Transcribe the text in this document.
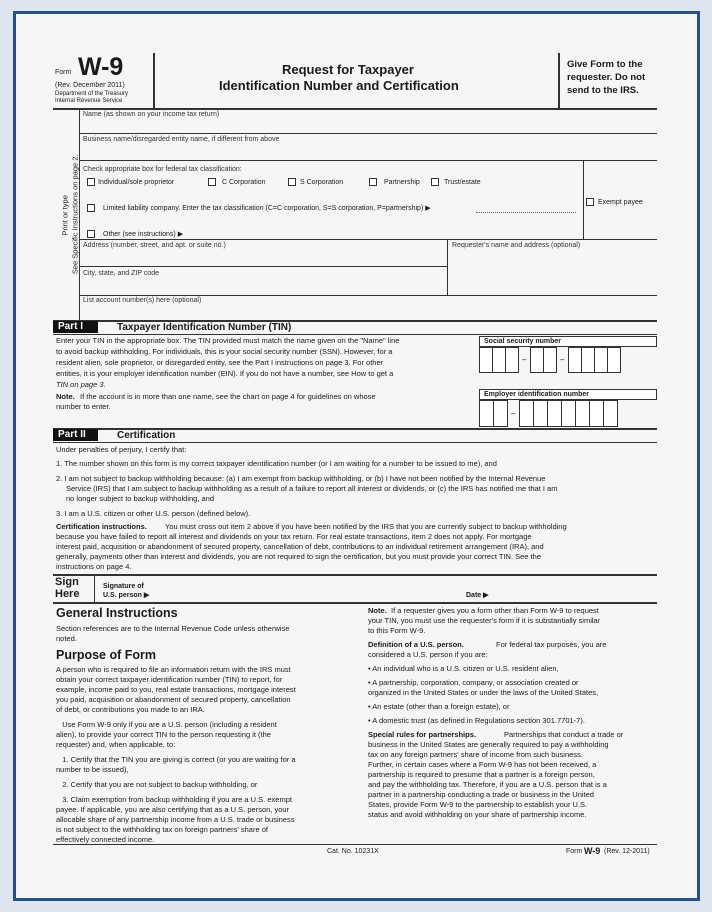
Form W-9
(Rev. December 2011)
Department of the Treasury
Internal Revenue Service
Request for Taxpayer
Identification Number and Certification
Give Form to the
requester. Do not
send to the IRS.
Print or type See Specific Instructions on page 2.
Name (as shown on your income tax return)
Business name/disregarded entity name, if different from above
Check appropriate box for federal tax classification:
Individual/sole proprietor	C Corporation	S Corporation	Partnership	Trust/estate
Exempt payee
Limited liability company. Enter the tax classification (C=C corporation, S=S corporation, P=partnership) ▶
Other (see instructions) ▶
Address (number, street, and apt. or suite no.)	Requester's name and address (optional)
City, state, and ZIP code
List account number(s) here (optional)
Part I	Taxpayer Identification Number (TIN)
Enter your TIN in the appropriate box. The TIN provided must match the name given on the "Name" line
to avoid backup withholding. For individuals, this is your social security number (SSN). However, for a
resident alien, sole proprietor, or disregarded entity, see the Part I instructions on page 3. For other
entities, it is your employer identification number (EIN). If you do not have a number, see How to get a
TIN on page 3.
Note. If the account is in more than one name, see the chart on page 4 for guidelines on whose
number to enter.
Social security number
–	–
Employer identification number
–
Part II	Certification
Under penalties of perjury, I certify that:
1. The number shown on this form is my correct taxpayer identification number (or I am waiting for a number to be issued to me), and
2. I am not subject to backup withholding because: (a) I am exempt from backup withholding, or (b) I have not been notified by the Internal Revenue
Service (IRS) that I am subject to backup withholding as a result of a failure to report all interest or dividends, or (c) the IRS has notified me that I am
no longer subject to backup withholding, and
3. I am a U.S. citizen or other U.S. person (defined below).
Certification instructions. You must cross out item 2 above if you have been notified by the IRS that you are currently subject to backup withholding
because you have failed to report all interest and dividends on your tax return. For real estate transactions, item 2 does not apply. For mortgage
interest paid, acquisition or abandonment of secured property, cancellation of debt, contributions to an individual retirement arrangement (IRA), and
generally, payments other than interest and dividends, you are not required to sign the certification, but you must provide your correct TIN. See the
instructions on page 4.
Sign
Here
Signature of
U.S. person ▶	Date ▶
General Instructions
Section references are to the Internal Revenue Code unless otherwise
noted.
Purpose of Form
A person who is required to file an information return with the IRS must
obtain your correct taxpayer identification number (TIN) to report, for
example, income paid to you, real estate transactions, mortgage interest
you paid, acquisition or abandonment of secured property, cancellation
of debt, or contributions you made to an IRA.
Use Form W-9 only if you are a U.S. person (including a resident
alien), to provide your correct TIN to the person requesting it (the
requester) and, when applicable, to:
1. Certify that the TIN you are giving is correct (or you are waiting for a
number to be issued),
2. Certify that you are not subject to backup withholding, or
3. Claim exemption from backup withholding if you are a U.S. exempt
payee. If applicable, you are also certifying that as a U.S. person, your
allocable share of any partnership income from a U.S. trade or business
is not subject to the withholding tax on foreign partners' share of
effectively connected income.
Note. If a requester gives you a form other than Form W-9 to request
your TIN, you must use the requester's form if it is substantially similar
to this Form W-9.
Definition of a U.S. person.	For federal tax purposes, you are
considered a U.S. person if you are:
• An individual who is a U.S. citizen or U.S. resident alien,
• A partnership, corporation, company, or association created or
organized in the United States or under the laws of the United States,
• An estate (other than a foreign estate), or
• A domestic trust (as defined in Regulations section 301.7701-7).
Special rules for partnerships.	Partnerships that conduct a trade or
business in the United States are generally required to pay a withholding
tax on any foreign partners' share of income from such business.
Further, in certain cases where a Form W-9 has not been received, a
partnership is required to presume that a partner is a foreign person,
and pay the withholding tax. Therefore, if you are a U.S. person that is a
partner in a partnership conducting a trade or business in the United
States, provide Form W-9 to the partnership to establish your U.S.
status and avoid withholding on your share of partnership income.
Cat. No. 10231X	Form W-9 (Rev. 12-2011)
